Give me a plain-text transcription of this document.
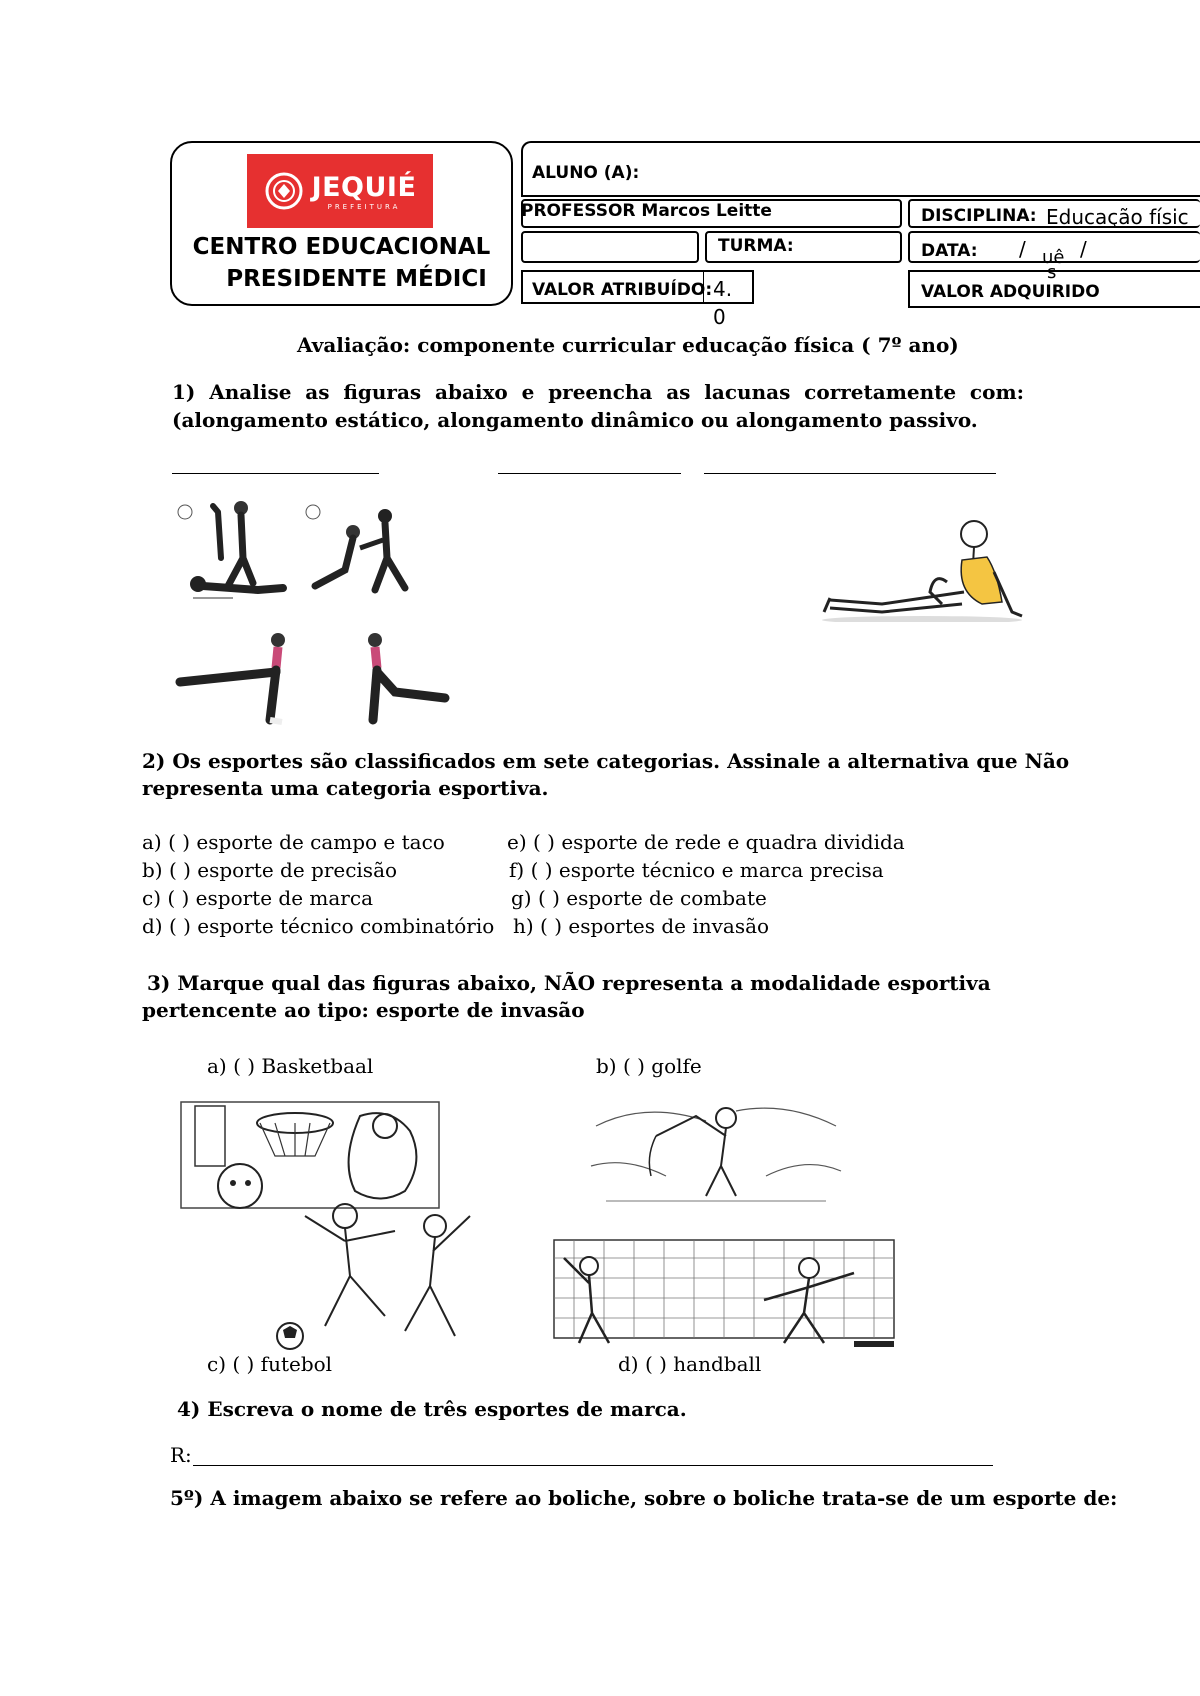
JEQUIÉ
PREFEITURA
CENTRO EDUCACIONAL
PRESIDENTE MÉDICI
ALUNO (A):
PROFESSOR Marcos Leitte	DISCIPLINA: Educação físic
TURMA:	DATA: / uê
s
/
VALOR ATRIBUÍDO: 4.
0
VALOR ADQUIRIDO
Avaliação: componente curricular educação física ( 7º ano)
1) Analise as figuras abaixo e preencha as lacunas corretamente com:
(alongamento estático, alongamento dinâmico ou alongamento passivo.
2) Os esportes são classificados em sete categorias. Assinale a alternativa que Não
representa uma categoria esportiva.
a) ( ) esporte de campo e taco
b) ( ) esporte de precisão
c) ( ) esporte de marca
d) ( ) esporte técnico combinatório
e) ( ) esporte de rede e quadra dividida
f) ( ) esporte técnico e marca precisa
g) ( ) esporte de combate
h) ( ) esportes de invasão
3) Marque qual das figuras abaixo, NÃO representa a modalidade esportiva
pertencente ao tipo: esporte de invasão
a) ( ) Basketbaal	b) ( ) golfe
c) ( ) futebol	d) ( ) handball
4) Escreva o nome de três esportes de marca.
R:
5º) A imagem abaixo se refere ao boliche, sobre o boliche trata-se de um esporte de:
